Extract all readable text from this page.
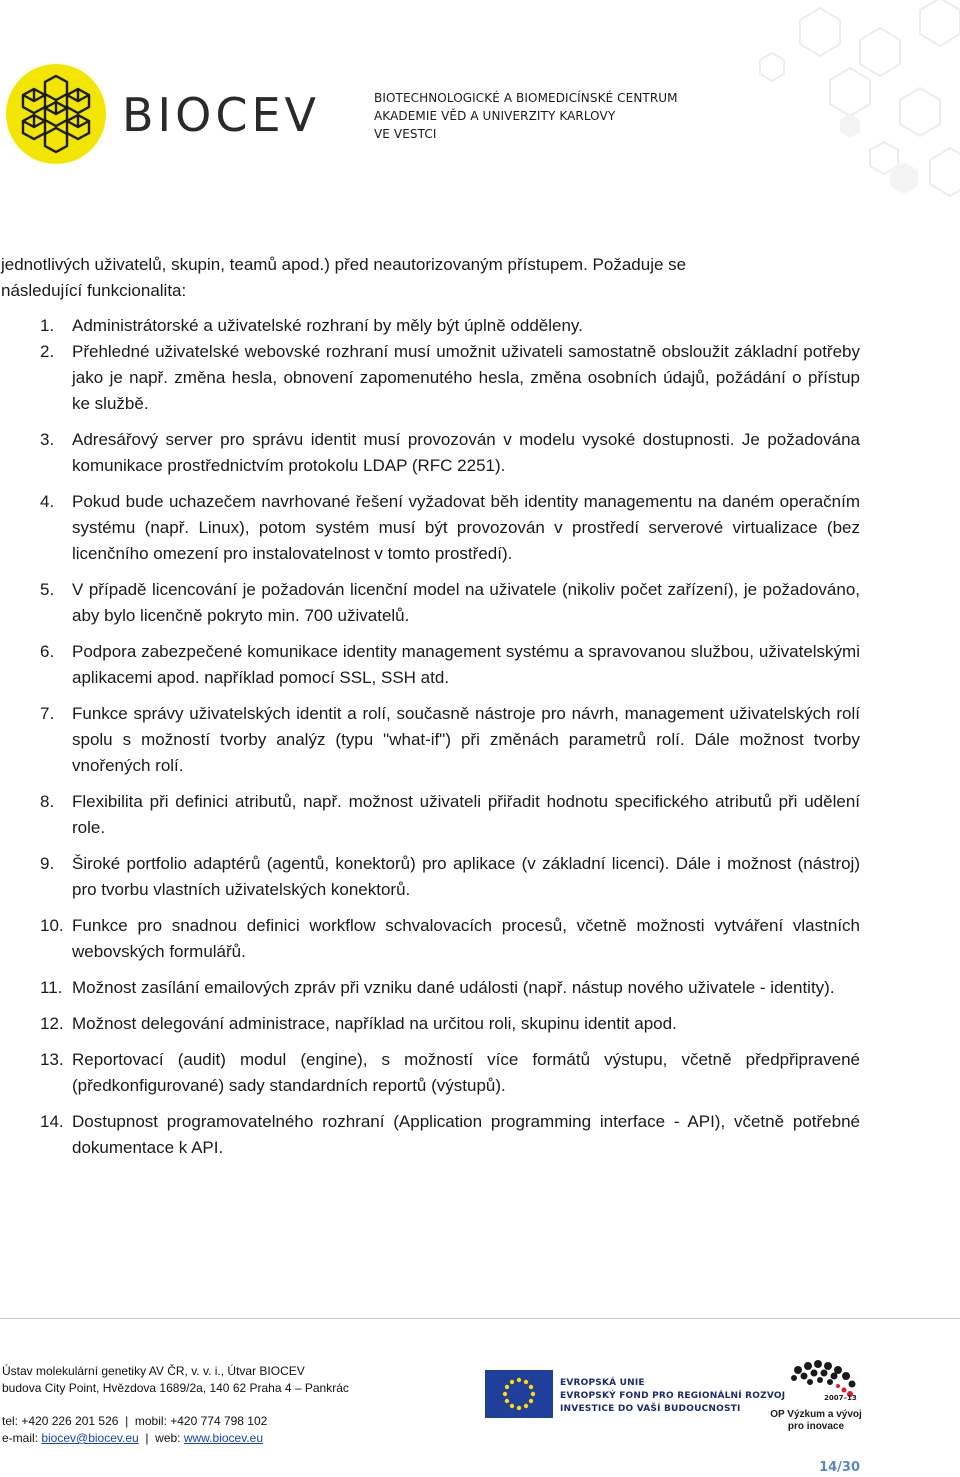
BIOCEV	BIOTECHNOLOGICKÉ A BIOMEDICÍNSKÉ CENTRUM
AKADEMIE VĚD A UNIVERZITY KARLOVY
VE VESTCI
jednotlivých uživatelů, skupin, teamů apod.) před neautorizovaným přístupem. Požaduje se
následující funkcionalita:
1. Administrátorské a uživatelské rozhraní by měly být úplně odděleny.
2. Přehledné uživatelské webovské rozhraní musí umožnit uživateli samostatně obsloužit základní potřeby jako je např. změna hesla, obnovení zapomenutého hesla, změna osobních údajů, požádání o přístup ke službě.
3. Adresářový server pro správu identit musí provozován v modelu vysoké dostupnosti. Je požadována komunikace prostřednictvím protokolu LDAP (RFC 2251).
4. Pokud bude uchazečem navrhované řešení vyžadovat běh identity managementu na daném operačním systému (např. Linux), potom systém musí být provozován v prostředí serverové virtualizace (bez licenčního omezení pro instalovatelnost v tomto prostředí).
5. V případě licencování je požadován licenční model na uživatele (nikoliv počet zařízení), je požadováno, aby bylo licenčně pokryto min. 700 uživatelů.
6. Podpora zabezpečené komunikace identity management systému a spravovanou službou, uživatelskými aplikacemi apod. například pomocí SSL, SSH atd.
7. Funkce správy uživatelských identit a rolí, současně nástroje pro návrh, management uživatelských rolí spolu s možností tvorby analýz (typu "what-if") při změnách parametrů rolí. Dále možnost tvorby vnořených rolí.
8. Flexibilita při definici atributů, např. možnost uživateli přiřadit hodnotu specifického atributů při udělení role.
9. Široké portfolio adaptérů (agentů, konektorů) pro aplikace (v základní licenci). Dále i možnost (nástroj) pro tvorbu vlastních uživatelských konektorů.
10. Funkce pro snadnou definici workflow schvalovacích procesů, včetně možnosti vytváření vlastních webovských formulářů.
11. Možnost zasílání emailových zpráv při vzniku dané události (např. nástup nového uživatele - identity).
12. Možnost delegování administrace, například na určitou roli, skupinu identit apod.
13. Reportovací (audit) modul (engine), s možností více formátů výstupu, včetně předpřipravené (předkonfigurované) sady standardních reportů (výstupů).
14. Dostupnost programovatelného rozhraní (Application programming interface - API), včetně potřebné dokumentace k API.
Ústav molekulární genetiky AV ČR, v. v. i., Útvar BIOCEV
budova City Point, Hvězdova 1689/2a, 140 62 Praha 4 – Pankrác
tel: +420 226 201 526  |  mobil: +420 774 798 102
e-mail: biocev@biocev.eu  |  web: www.biocev.eu
EVROPSKÁ UNIE
EVROPSKÝ FOND PRO REGIONÁLNÍ ROZVOJ
INVESTICE DO VAŠÍ BUDOUCNOSTI
2007–13
OP Výzkum a vývoj
pro inovace
14/30
